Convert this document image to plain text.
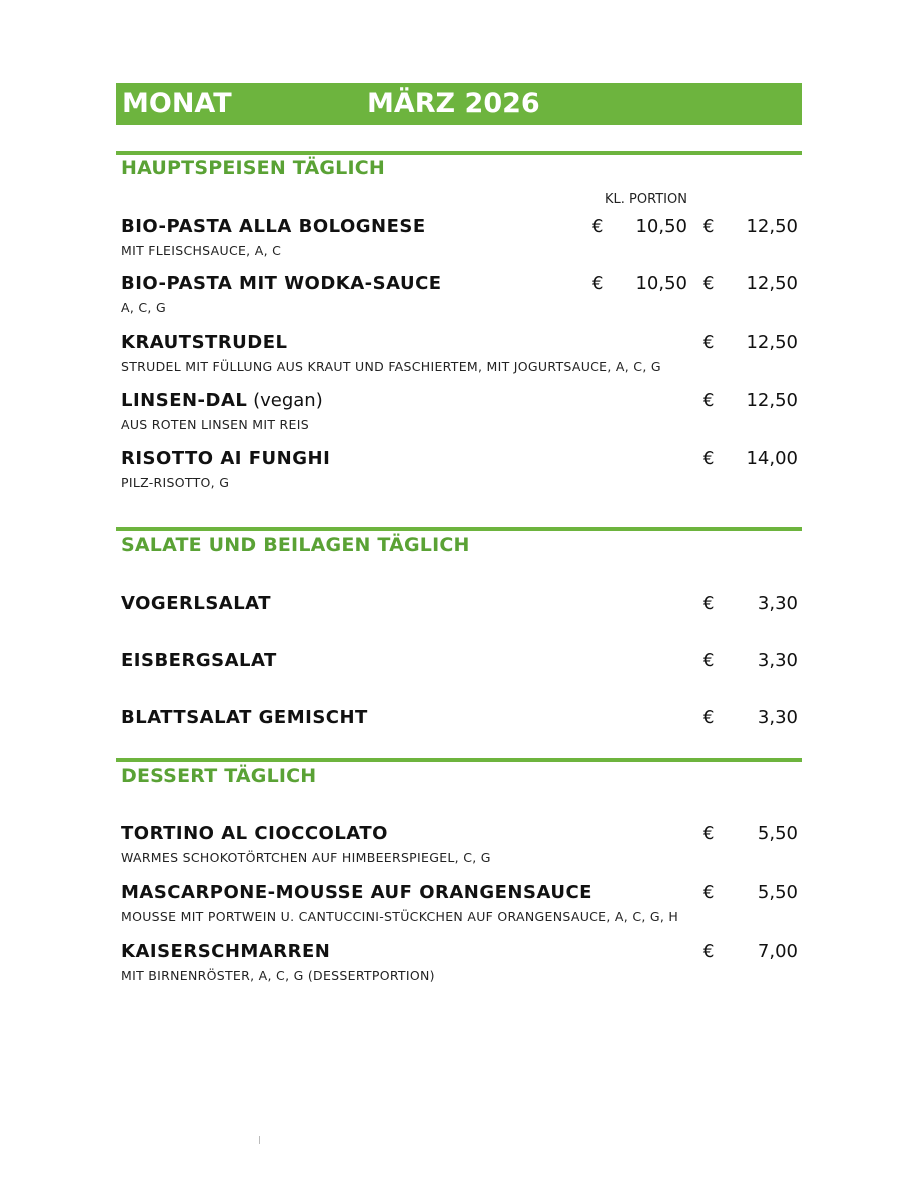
MONAT	MÄRZ 2026
HAUPTSPEISEN TÄGLICH
KL. PORTION
BIO-PASTA ALLA BOLOGNESE
MIT FLEISCHSAUCE, A, C
€	10,50 €	12,50
BIO-PASTA MIT WODKA-SAUCE
A, C, G
€	10,50 €	12,50
KRAUTSTRUDEL
STRUDEL MIT FÜLLUNG AUS KRAUT UND FASCHIERTEM, MIT JOGURTSAUCE, A, C, G
€	12,50
LINSEN-DAL (vegan)
AUS ROTEN LINSEN MIT REIS
€	12,50
RISOTTO AI FUNGHI
PILZ-RISOTTO, G
€	14,00
SALATE UND BEILAGEN TÄGLICH
VOGERLSALAT	€	3,30
EISBERGSALAT	€	3,30
BLATTSALAT GEMISCHT	€	3,30
DESSERT TÄGLICH
TORTINO AL CIOCCOLATO
WARMES SCHOKOTÖRTCHEN AUF HIMBEERSPIEGEL, C, G
€	5,50
MASCARPONE-MOUSSE AUF ORANGENSAUCE
MOUSSE MIT PORTWEIN U. CANTUCCINI-STÜCKCHEN AUF ORANGENSAUCE, A, C, G, H
€	5,50
KAISERSCHMARREN
MIT BIRNENRÖSTER, A, C, G (DESSERTPORTION)
€	7,00
